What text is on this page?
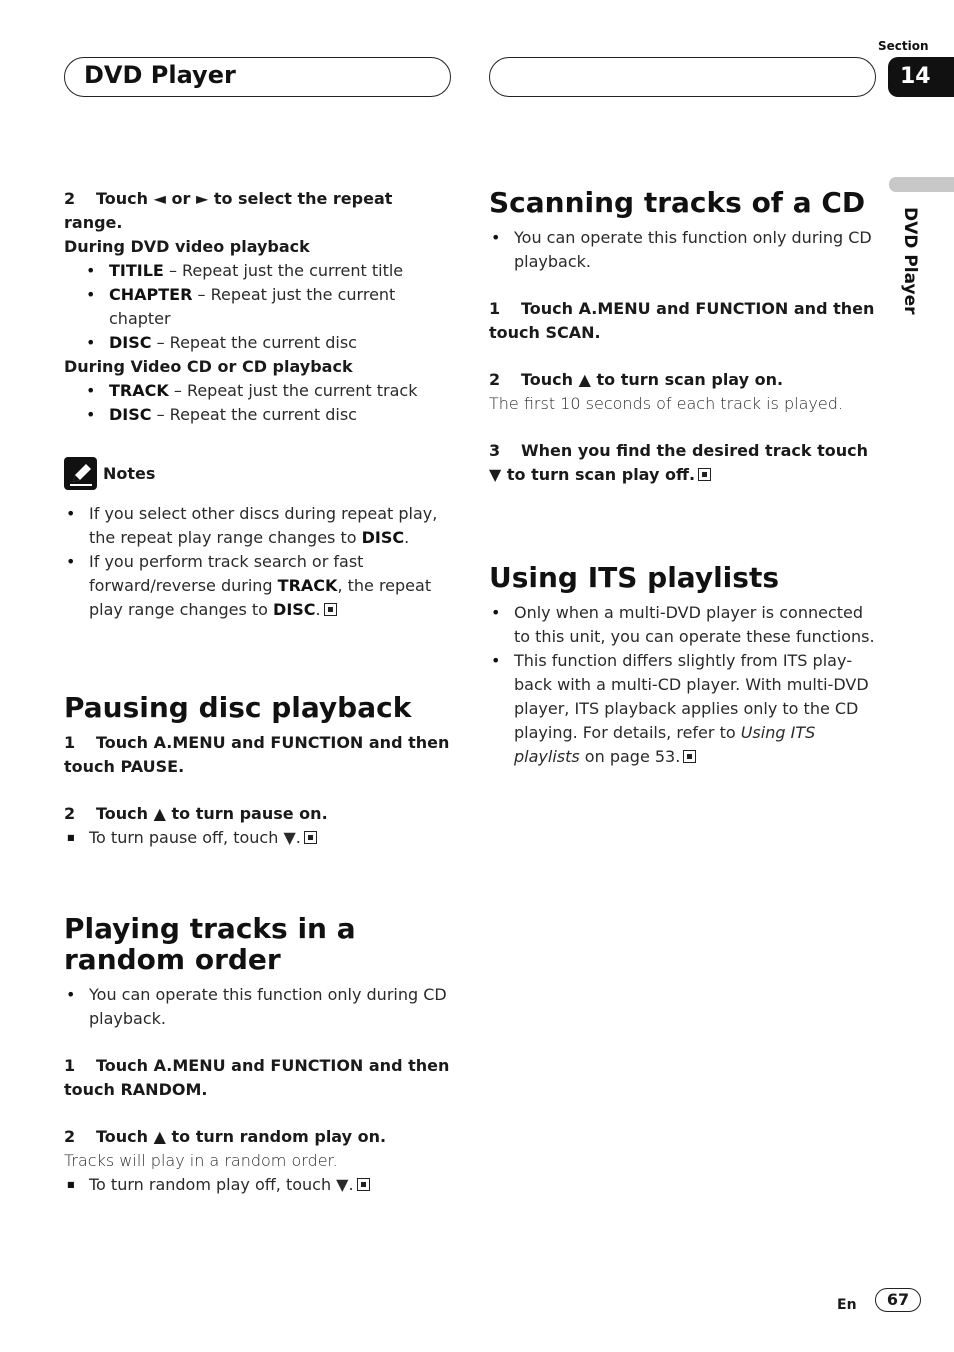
DVD Player
Section
14
DVD Player

2 Touch ◄ or ► to select the repeat range.

During DVD video playback

• TITILE – Repeat just the current title
• CHAPTER – Repeat just the current chapter
• DISC – Repeat the current disc

During Video CD or CD playback

• TRACK – Repeat just the current track
• DISC – Repeat the current disc
Notes
• If you select other discs during repeat play, the repeat play range changes to DISC.
• If you perform track search or fast forward/reverse during TRACK, the repeat play range changes to DISC.
Pausing disc playback

1 Touch A.MENU and FUNCTION and then touch PAUSE.

2 Touch ▲ to turn pause on.

■ To turn pause off, touch ▼.
Playing tracks in a random order
• You can operate this function only during CD playback.

1 Touch A.MENU and FUNCTION and then touch RANDOM.

2 Touch ▲ to turn random play on.

Tracks will play in a random order.

■ To turn random play off, touch ▼.
Scanning tracks of a CD
• You can operate this function only during CD playback.

1 Touch A.MENU and FUNCTION and then touch SCAN.

2 Touch ▲ to turn scan play on.

The first 10 seconds of each track is played.

3 When you find the desired track touch ▼ to turn scan play off.

Using ITS playlists
• Only when a multi-DVD player is connected to this unit, you can operate these functions.
• This function differs slightly from ITS playback with a multi-CD player. With multi-DVD player, ITS playback applies only to the CD playing. For details, refer to Using ITS playlists on page 53.
En	67
